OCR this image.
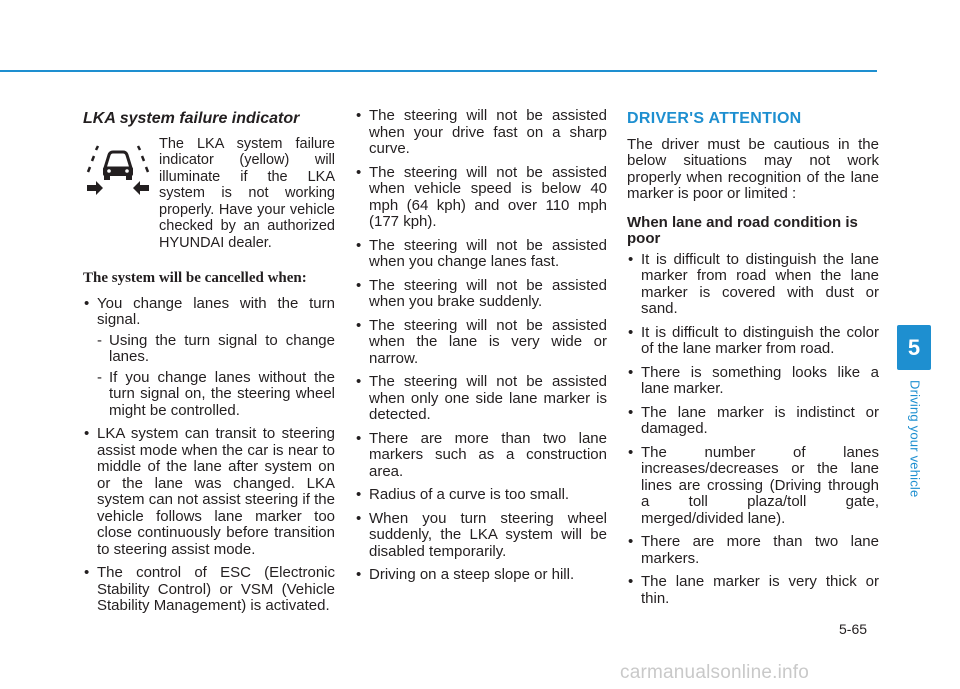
LKA system failure indicator
The LKA system failure indicator (yellow) will illuminate if the LKA system is not working properly. Have your vehicle checked by an authorized HYUNDAI dealer.
The system will be cancelled when:
• You change lanes with the turn signal.
- Using the turn signal to change lanes.
- If you change lanes without the turn signal on, the steering wheel might be controlled.
• LKA system can transit to steering assist mode when the car is near to middle of the lane after system on or the lane was changed. LKA system can not assist steering if the vehicle follows lane marker too close continuously before transition to steering assist mode.
• The control of ESC (Electronic Stability Control) or VSM (Vehicle Stability Management) is activated.
• The steering will not be assisted when your drive fast on a sharp curve.
• The steering will not be assisted when vehicle speed is below 40 mph (64 kph) and over 110 mph (177 kph).
• The steering will not be assisted when you change lanes fast.
• The steering will not be assisted when you brake suddenly.
• The steering will not be assisted when the lane is very wide or narrow.
• The steering will not be assisted when only one side lane marker is detected.
• There are more than two lane markers such as a construction area.
• Radius of a curve is too small.
• When you turn steering wheel suddenly, the LKA system will be disabled temporarily.
• Driving on a steep slope or hill.
DRIVER'S ATTENTION

The driver must be cautious in the below situations may not work properly when recognition of the lane marker is poor or limited :

When lane and road condition is poor

• It is difficult to distinguish the lane marker from road when the lane marker is covered with dust or sand.
• It is difficult to distinguish the color of the lane marker from road.
• There is something looks like a lane marker.
• The lane marker is indistinct or damaged.
• The number of lanes increases/decreases or the lane lines are crossing (Driving through a toll plaza/toll gate, merged/divided lane).
• There are more than two lane markers.
• The lane marker is very thick or thin.
5
Driving your vehicle
5-65
carmanualsonline.info
